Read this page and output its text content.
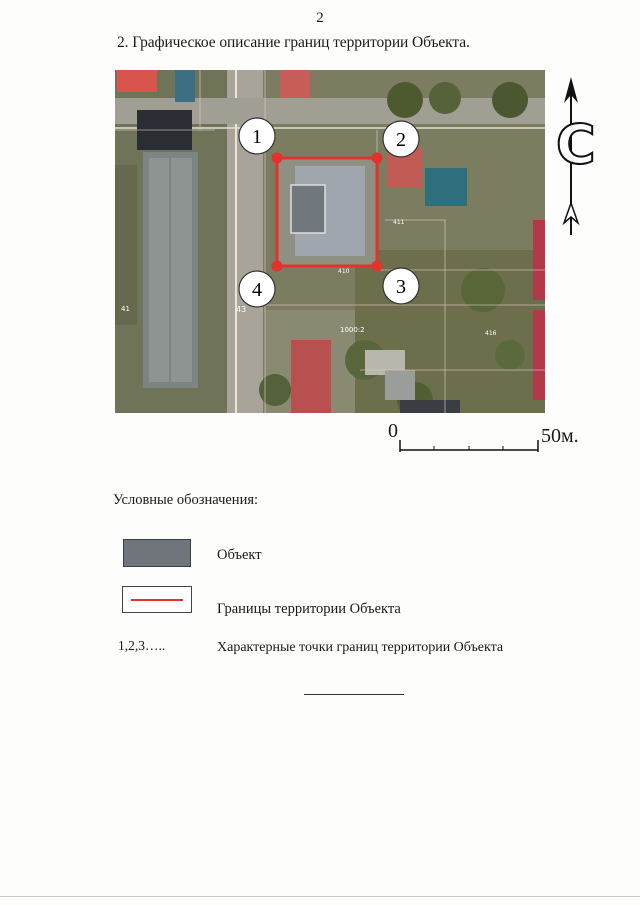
2
2. Графическое описание границ территории Объекта.
43
41
410
411
416
1000:2
1	2
3
4
С
0	50м.
Условные обозначения:
Объект
Границы территории Объекта
1,2,3…..	Характерные точки границ территории Объекта
